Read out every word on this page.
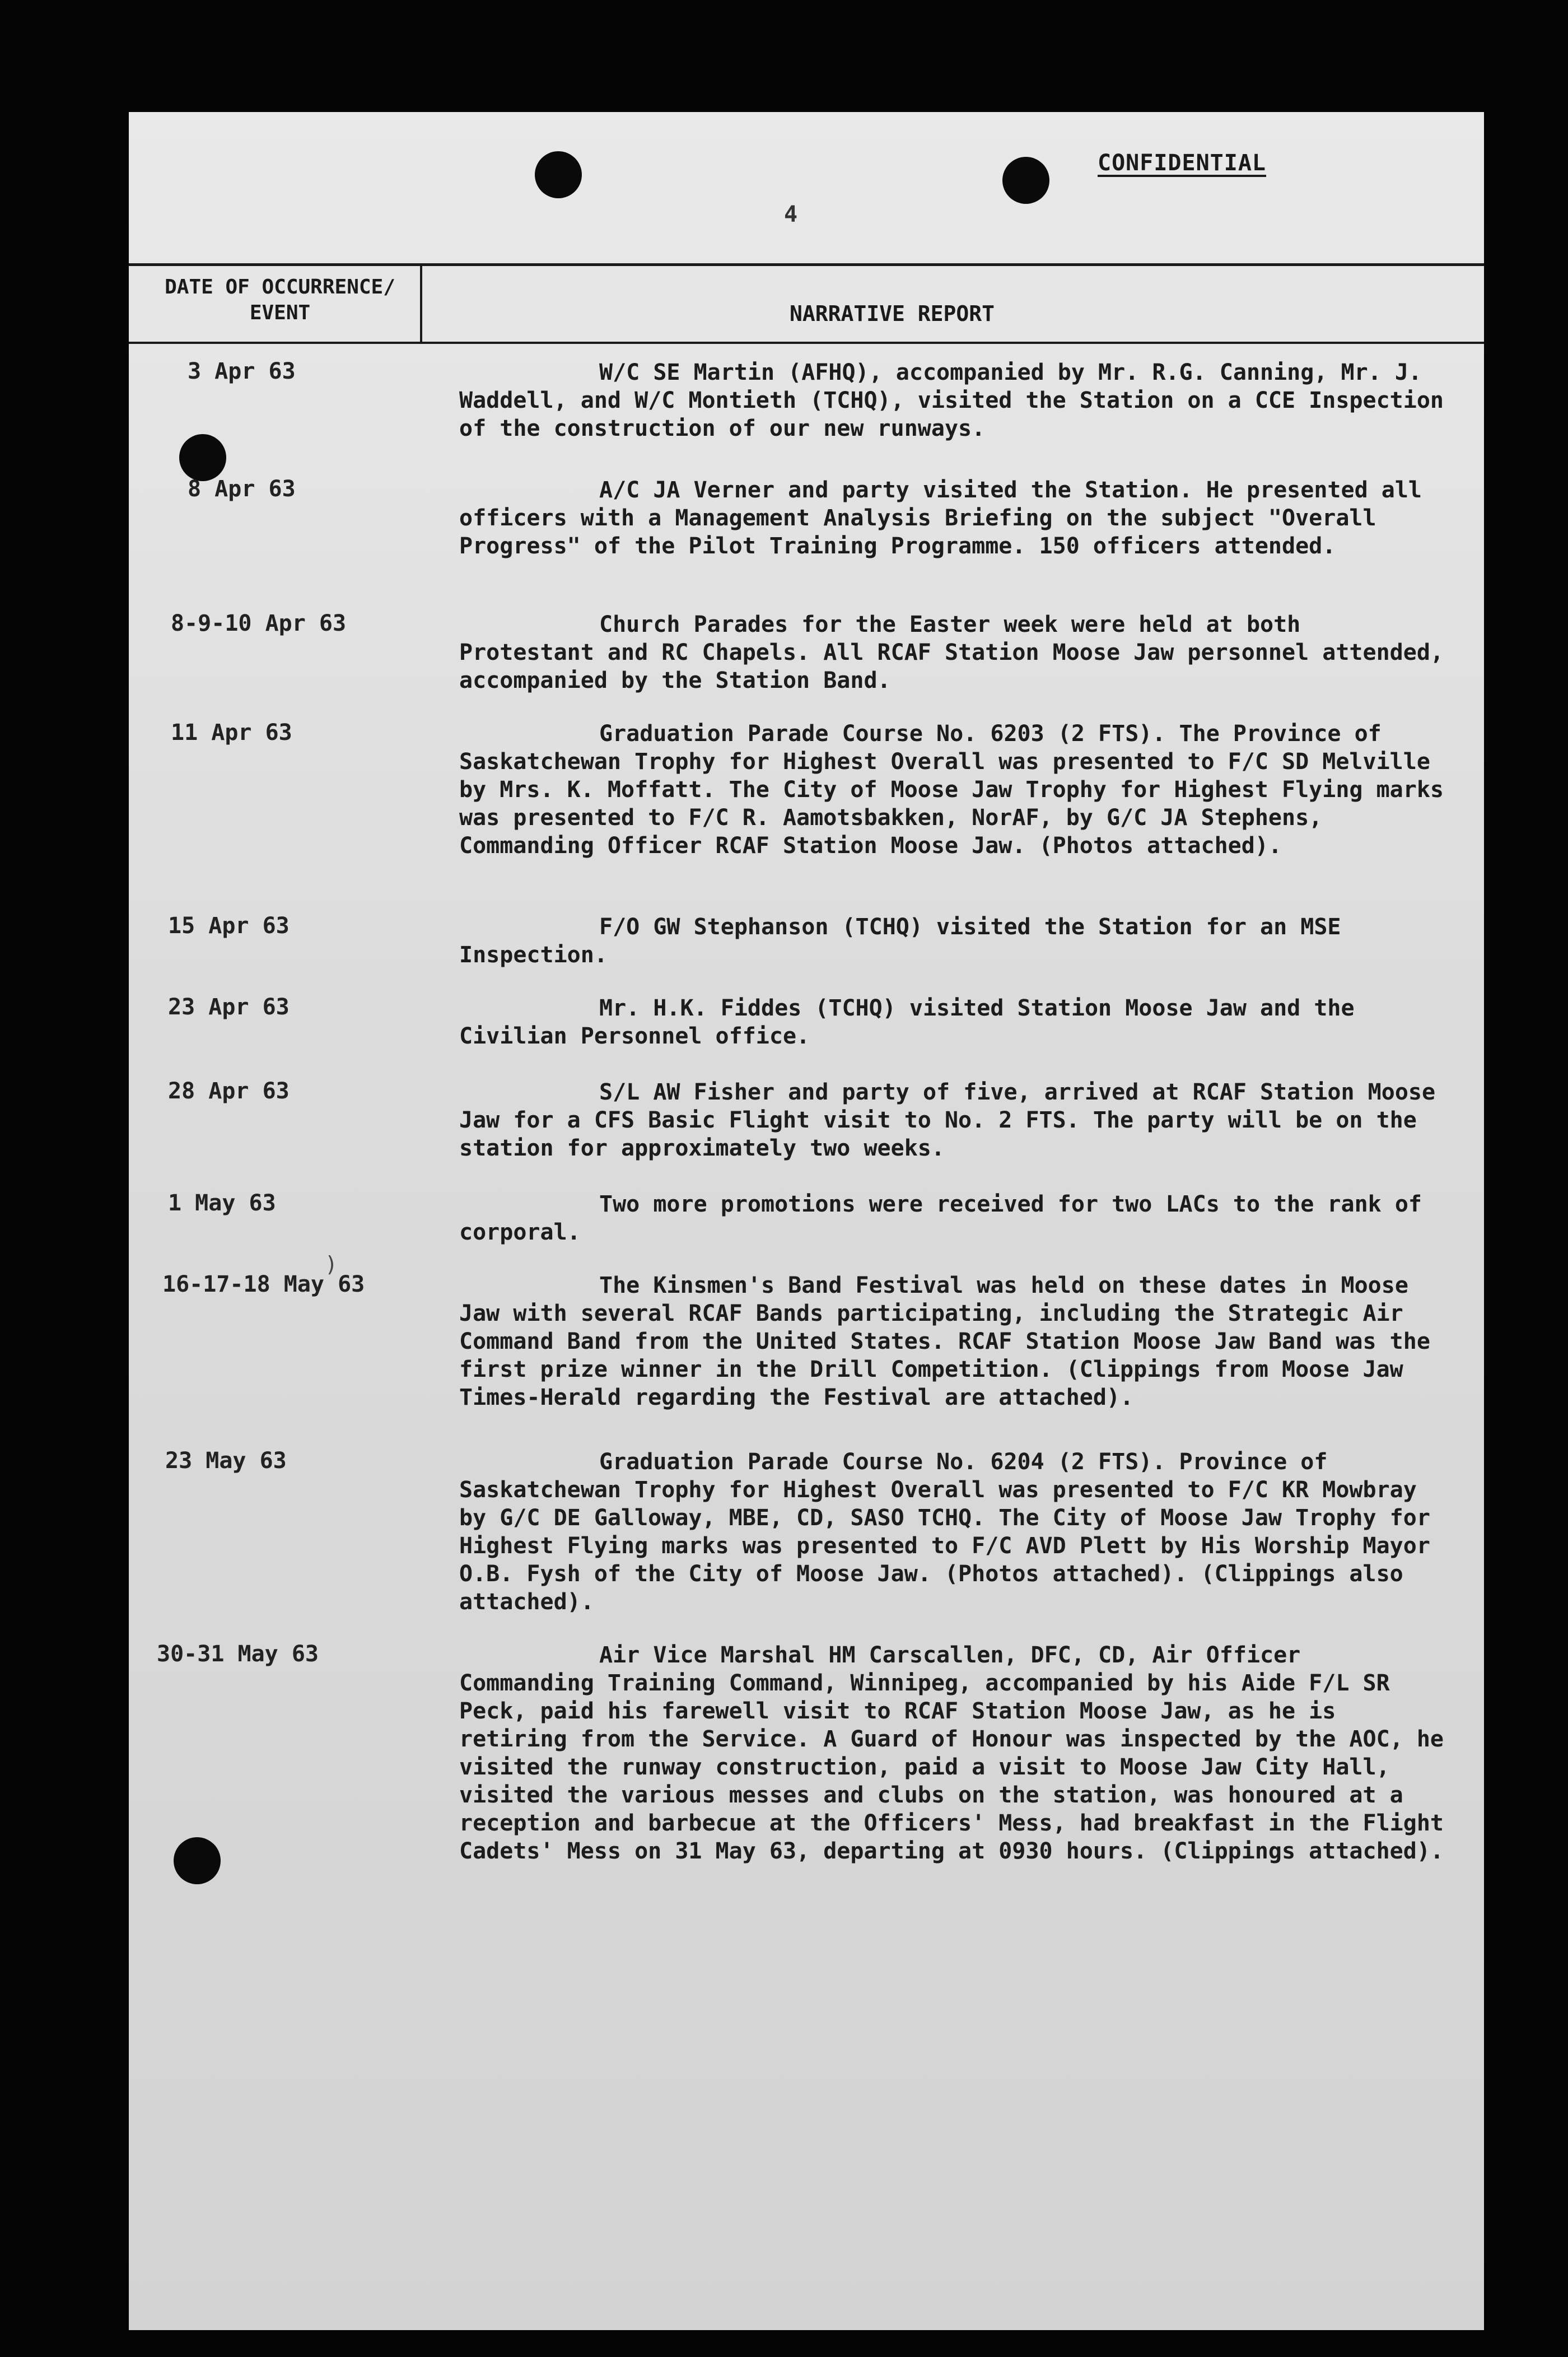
CONFIDENTIAL
4
DATE OF OCCURRENCE/
EVENT	NARRATIVE REPORT
3 Apr 63	W/C SE Martin (AFHQ), accompanied by Mr. R.G. Canning, Mr. J. Waddell, and W/C Montieth (TCHQ), visited the Station on a CCE Inspection of the construction of our new runways.
8 Apr 63	A/C JA Verner and party visited the Station. He presented all officers with a Management Analysis Briefing on the subject "Overall Progress" of the Pilot Training Programme. 150 officers attended.
8-9-10 Apr 63	Church Parades for the Easter week were held at both Protestant and RC Chapels. All RCAF Station Moose Jaw personnel attended, accompanied by the Station Band.
11 Apr 63	Graduation Parade Course No. 6203 (2 FTS). The Province of Saskatchewan Trophy for Highest Overall was presented to F/C SD Melville by Mrs. K. Moffatt. The City of Moose Jaw Trophy for Highest Flying marks was presented to F/C R. Aamotsbakken, NorAF, by G/C JA Stephens, Commanding Officer RCAF Station Moose Jaw. (Photos attached).
15 Apr 63	F/O GW Stephanson (TCHQ) visited the Station for an MSE Inspection.
23 Apr 63	Mr. H.K. Fiddes (TCHQ) visited Station Moose Jaw and the Civilian Personnel office.
28 Apr 63	S/L AW Fisher and party of five, arrived at RCAF Station Moose Jaw for a CFS Basic Flight visit to No. 2 FTS. The party will be on the station for approximately two weeks.
1 May 63	Two more promotions were received for two LACs to the rank of corporal.
)
16-17-18 May 63	The Kinsmen's Band Festival was held on these dates in Moose Jaw with several RCAF Bands participating, including the Strategic Air Command Band from the United States. RCAF Station Moose Jaw Band was the first prize winner in the Drill Competition. (Clippings from Moose Jaw Times-Herald regarding the Festival are attached).
23 May 63	Graduation Parade Course No. 6204 (2 FTS). Province of Saskatchewan Trophy for Highest Overall was presented to F/C KR Mowbray by G/C DE Galloway, MBE, CD, SASO TCHQ. The City of Moose Jaw Trophy for Highest Flying marks was presented to F/C AVD Plett by His Worship Mayor O.B. Fysh of the City of Moose Jaw. (Photos attached). (Clippings also attached).
30-31 May 63	Air Vice Marshal HM Carscallen, DFC, CD, Air Officer Commanding Training Command, Winnipeg, accompanied by his Aide F/L SR Peck, paid his farewell visit to RCAF Station Moose Jaw, as he is retiring from the Service. A Guard of Honour was inspected by the AOC, he visited the runway construction, paid a visit to Moose Jaw City Hall, visited the various messes and clubs on the station, was honoured at a reception and barbecue at the Officers' Mess, had breakfast in the Flight Cadets' Mess on 31 May 63, departing at 0930 hours. (Clippings attached).
